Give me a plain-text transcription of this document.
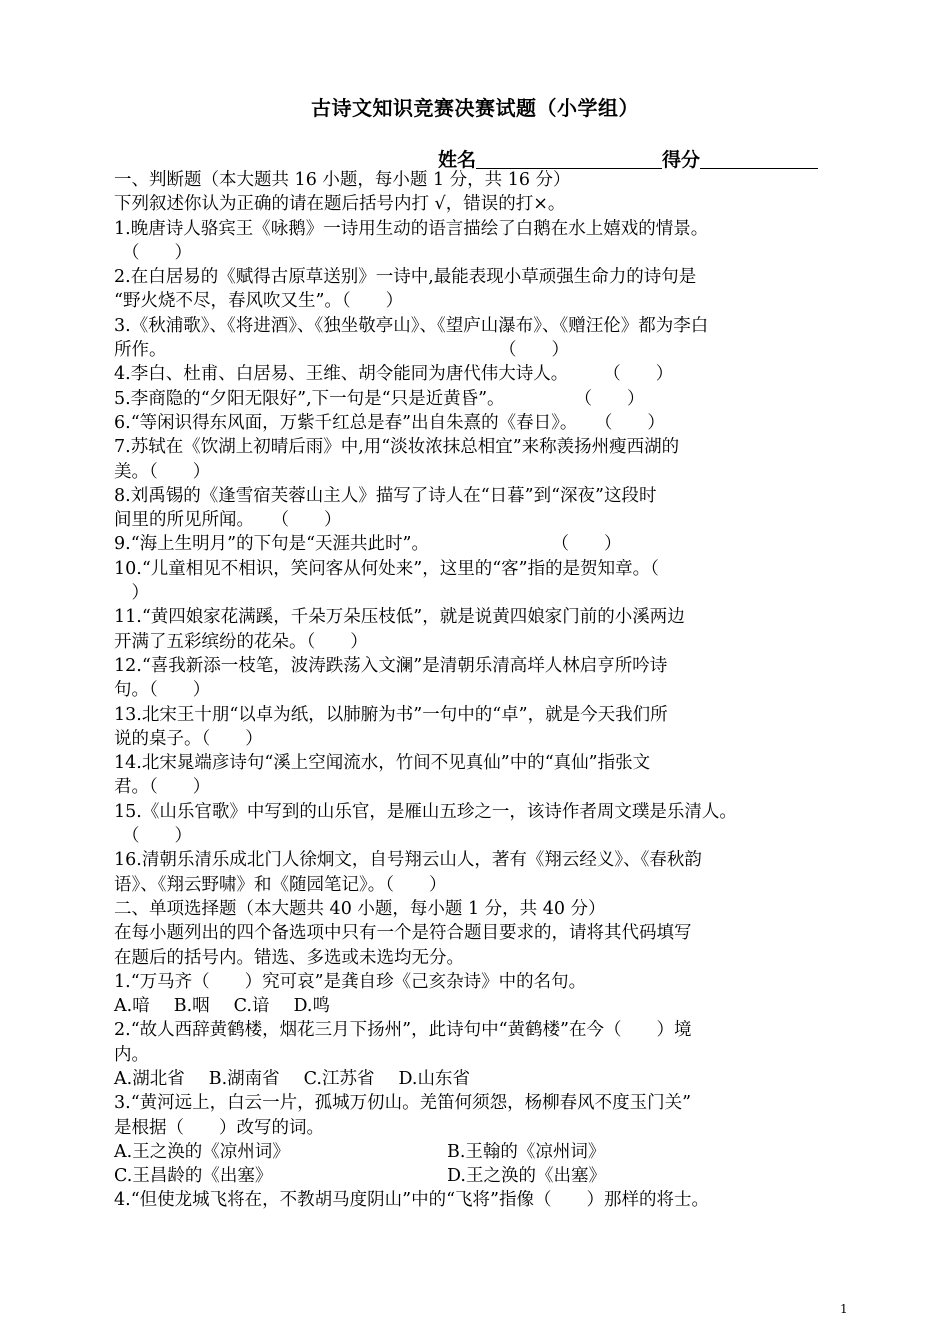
古诗文知识竞赛决赛试题（小学组）
姓名	得分
一、判断题（本大题共 16 小题，每小题 1 分，共 16 分）
下列叙述你认为正确的请在题后括号内打 √，错误的打×。
1.晚唐诗人骆宾王《咏鹅》一诗用生动的语言描绘了白鹅在水上嬉戏的情景。
（　　）
2.在白居易的《赋得古原草送别》一诗中,最能表现小草顽强生命力的诗句是
“野火烧不尽，春风吹又生”。（　　）
3.《秋浦歌》、《将进酒》、《独坐敬亭山》、《望庐山瀑布》、《赠汪伦》都为李白
所作。　　　　　　　　　　　　　　　　　　　　（　　）
4.李白、杜甫、白居易、王维、胡令能同为唐代伟大诗人。　　　（　　）
5.李商隐的“夕阳无限好”,下一句是“只是近黄昏”。　　　　　（　　）
6.“等闲识得东风面，万紫千红总是春”出自朱熹的《春日》。　　（　　）
7.苏轼在《饮湖上初晴后雨》中,用“淡妆浓抹总相宜”来称羡扬州瘦西湖的
美。（　　）
8.刘禹锡的《逢雪宿芙蓉山主人》描写了诗人在“日暮”到“深夜”这段时
间里的所见所闻。　　（　　）
9.“海上生明月”的下句是“天涯共此时”。　　　　　　　　（　　）
10.“儿童相见不相识，笑问客从何处来”，这里的“客”指的是贺知章。（
　）
11.“黄四娘家花满蹊，千朵万朵压枝低”，就是说黄四娘家门前的小溪两边
开满了五彩缤纷的花朵。（　　）
12.“喜我新添一枝笔，波涛跌荡入文澜”是清朝乐清高垟人林启亨所吟诗
句。（　　）
13.北宋王十朋“以卓为纸，以肺腑为书”一句中的“卓”，就是今天我们所
说的桌子。（　　）
14.北宋晁端彦诗句“溪上空闻流水，竹间不见真仙”中的“真仙”指张文
君。（　　）
15.《山乐官歌》中写到的山乐官，是雁山五珍之一，该诗作者周文璞是乐清人。
（　　）
16.清朝乐清乐成北门人徐炯文，自号翔云山人，著有《翔云经义》、《春秋韵
语》、《翔云野啸》和《随园笔记》。（　　）
二、单项选择题（本大题共 40 小题，每小题 1 分，共 40 分）
在每小题列出的四个备选项中只有一个是符合题目要求的，请将其代码填写
在题后的括号内。错选、多选或未选均无分。
1.“万马齐（　　）究可哀”是龚自珍《己亥杂诗》中的名句。
A.喑 B.咽 C.谙 D.鸣
2.“故人西辞黄鹤楼，烟花三月下扬州”，此诗句中“黄鹤楼”在今（　　）境
内。
A.湖北省 B.湖南省 C.江苏省 D.山东省
3.“黄河远上，白云一片，孤城万仞山。羌笛何须怨，杨柳春风不度玉门关”
是根据（　　）改写的词。
A.王之涣的《凉州词》	B.王翰的《凉州词》
C.王昌龄的《出塞》	D.王之涣的《出塞》
4.“但使龙城飞将在，不教胡马度阴山”中的“飞将”指像（　　）那样的将士。
1
